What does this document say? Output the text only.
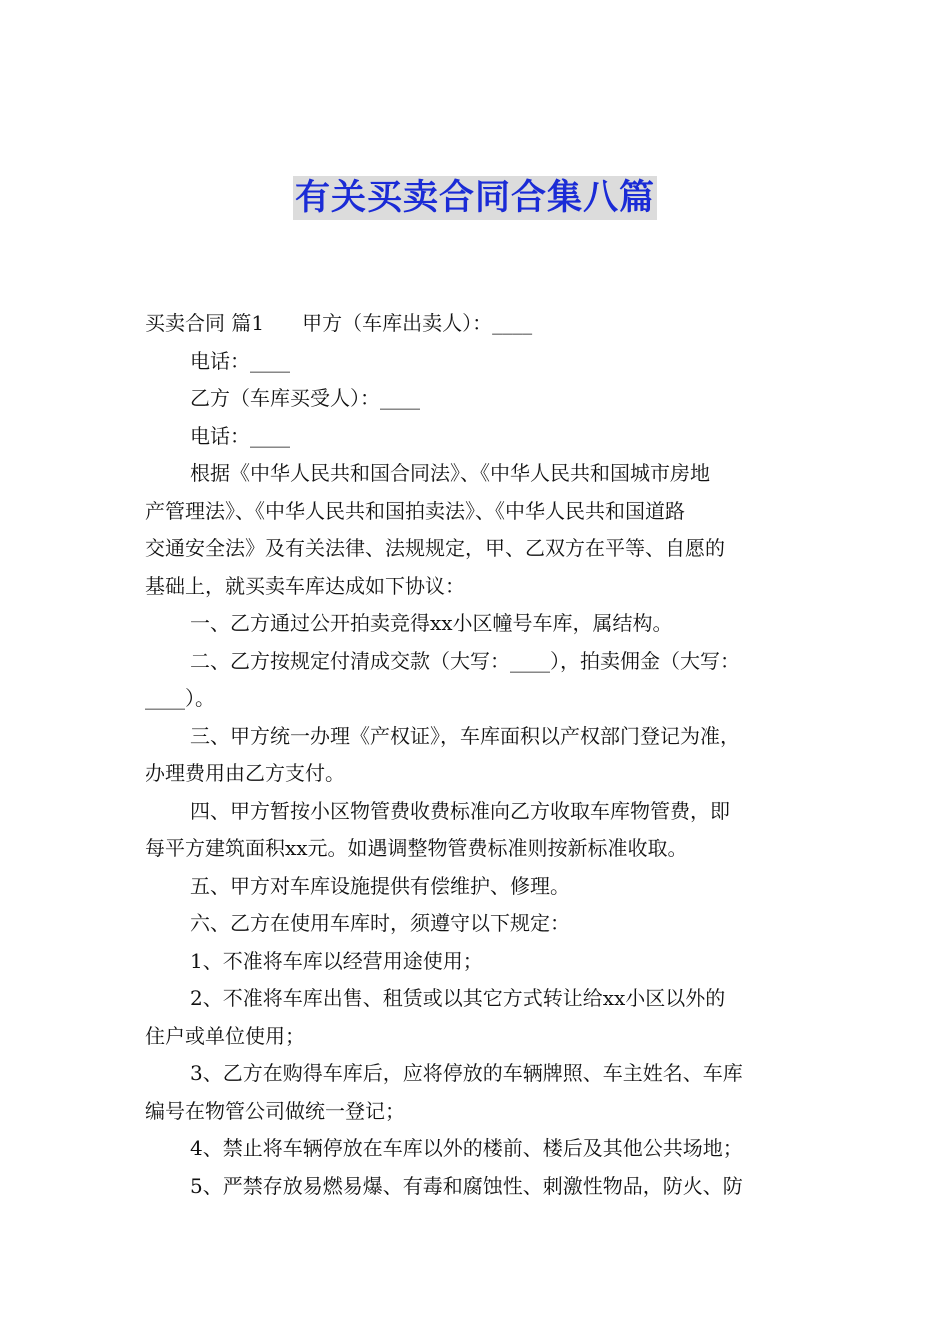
有关买卖合同合集八篇
买卖合同 篇1 甲方（车库出卖人）：____
电话：____
乙方（车库买受人）：____
电话：____
根据《中华人民共和国合同法》、《中华人民共和国城市房地
产管理法》、《中华人民共和国拍卖法》、《中华人民共和国道路
交通安全法》及有关法律、法规规定，甲、乙双方在平等、自愿的
基础上，就买卖车库达成如下协议：
一、乙方通过公开拍卖竞得xx小区幢号车库，属结构。
二、乙方按规定付清成交款（大写：____），拍卖佣金（大写：
____）。
三、甲方统一办理《产权证》，车库面积以产权部门登记为准，
办理费用由乙方支付。
四、甲方暂按小区物管费收费标准向乙方收取车库物管费，即
每平方建筑面积xx元。如遇调整物管费标准则按新标准收取。
五、甲方对车库设施提供有偿维护、修理。
六、乙方在使用车库时，须遵守以下规定：
1、不准将车库以经营用途使用；
2、不准将车库出售、租赁或以其它方式转让给xx小区以外的
住户或单位使用；
3、乙方在购得车库后，应将停放的车辆牌照、车主姓名、车库
编号在物管公司做统一登记；
4、禁止将车辆停放在车库以外的楼前、楼后及其他公共场地；
5、严禁存放易燃易爆、有毒和腐蚀性、刺激性物品，防火、防
